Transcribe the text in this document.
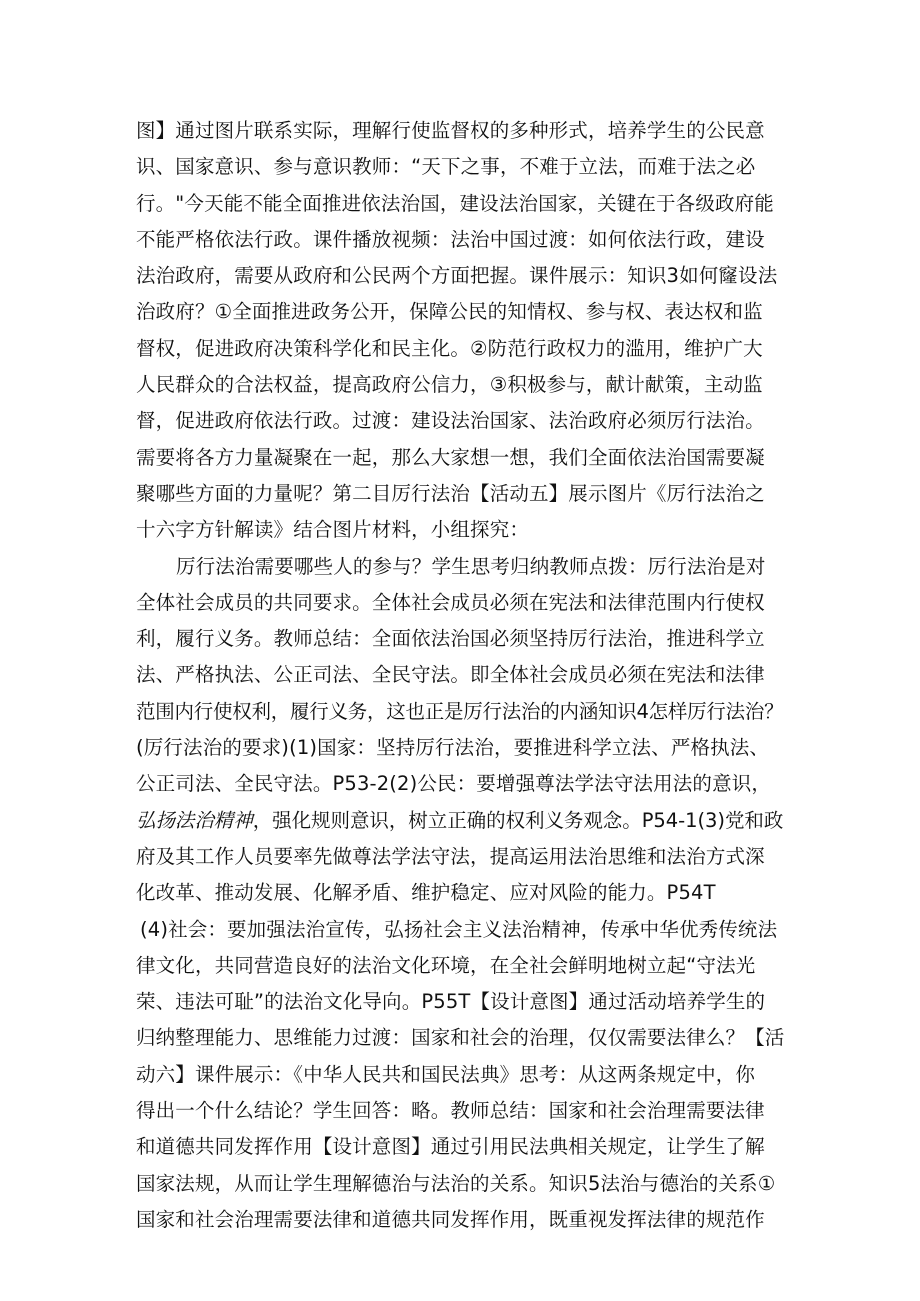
图】通过图片联系实际，理解行使监督权的多种形式，培养学生的公民意
识、国家意识、参与意识教师：“天下之事，不难于立法，而难于法之必
行。"今天能不能全面推进依法治国，建设法治国家，关键在于各级政府能
不能严格依法行政。课件播放视频：法治中国过渡：如何依法行政，建设
法治政府，需要从政府和公民两个方面把握。课件展示：知识3如何窿设法
治政府？①全面推进政务公开，保障公民的知情权、参与权、表达权和监
督权，促进政府决策科学化和民主化。②防范行政权力的滥用，维护广大
人民群众的合法权益，提高政府公信力，③积极参与，献计献策，主动监
督，促进政府依法行政。过渡：建设法治国家、法治政府必须厉行法治。
需要将各方力量凝聚在一起，那么大家想一想，我们全面依法治国需要凝
聚哪些方面的力量呢？第二目厉行法治【活动五】展示图片《厉行法治之
十六字方针解读》结合图片材料，小组探究：

厉行法治需要哪些人的参与？学生思考归纳教师点拨：厉行法治是对
全体社会成员的共同要求。全体社会成员必须在宪法和法律范围内行使权
利，履行义务。教师总结：全面依法治国必须坚持厉行法治，推进科学立
法、严格执法、公正司法、全民守法。即全体社会成员必须在宪法和法律
范围内行使权利，履行义务，这也正是厉行法治的内涵知识4怎样厉行法治？
(厉行法治的要求)(1)国家：坚持厉行法治，要推进科学立法、严格执法、
公正司法、全民守法。P53-2(2)公民：要增强尊法学法守法用法的意识，
弘扬法治精神，强化规则意识，树立正确的权利义务观念。P54-1(3)党和政
府及其工作人员要率先做尊法学法守法，提高运用法治思维和法治方式深
化改革、推动发展、化解矛盾、维护稳定、应对风险的能力。P54T
(4)社会：要加强法治宣传，弘扬社会主义法治精神，传承中华优秀传统法
律文化，共同营造良好的法治文化环境，在全社会鲜明地树立起“守法光
荣、违法可耻”的法治文化导向。P55T【设计意图】通过活动培养学生的
归纳整理能力、思维能力过渡：国家和社会的治理，仅仅需要法律么？【活
动六】课件展示：《中华人民共和国民法典》思考：从这两条规定中，你
得出一个什么结论？学生回答：略。教师总结：国家和社会治理需要法律
和道德共同发挥作用【设计意图】通过引用民法典相关规定，让学生了解
国家法规，从而让学生理解德治与法治的关系。知识5法治与德治的关系①
国家和社会治理需要法律和道德共同发挥作用，既重视发挥法律的规范作
